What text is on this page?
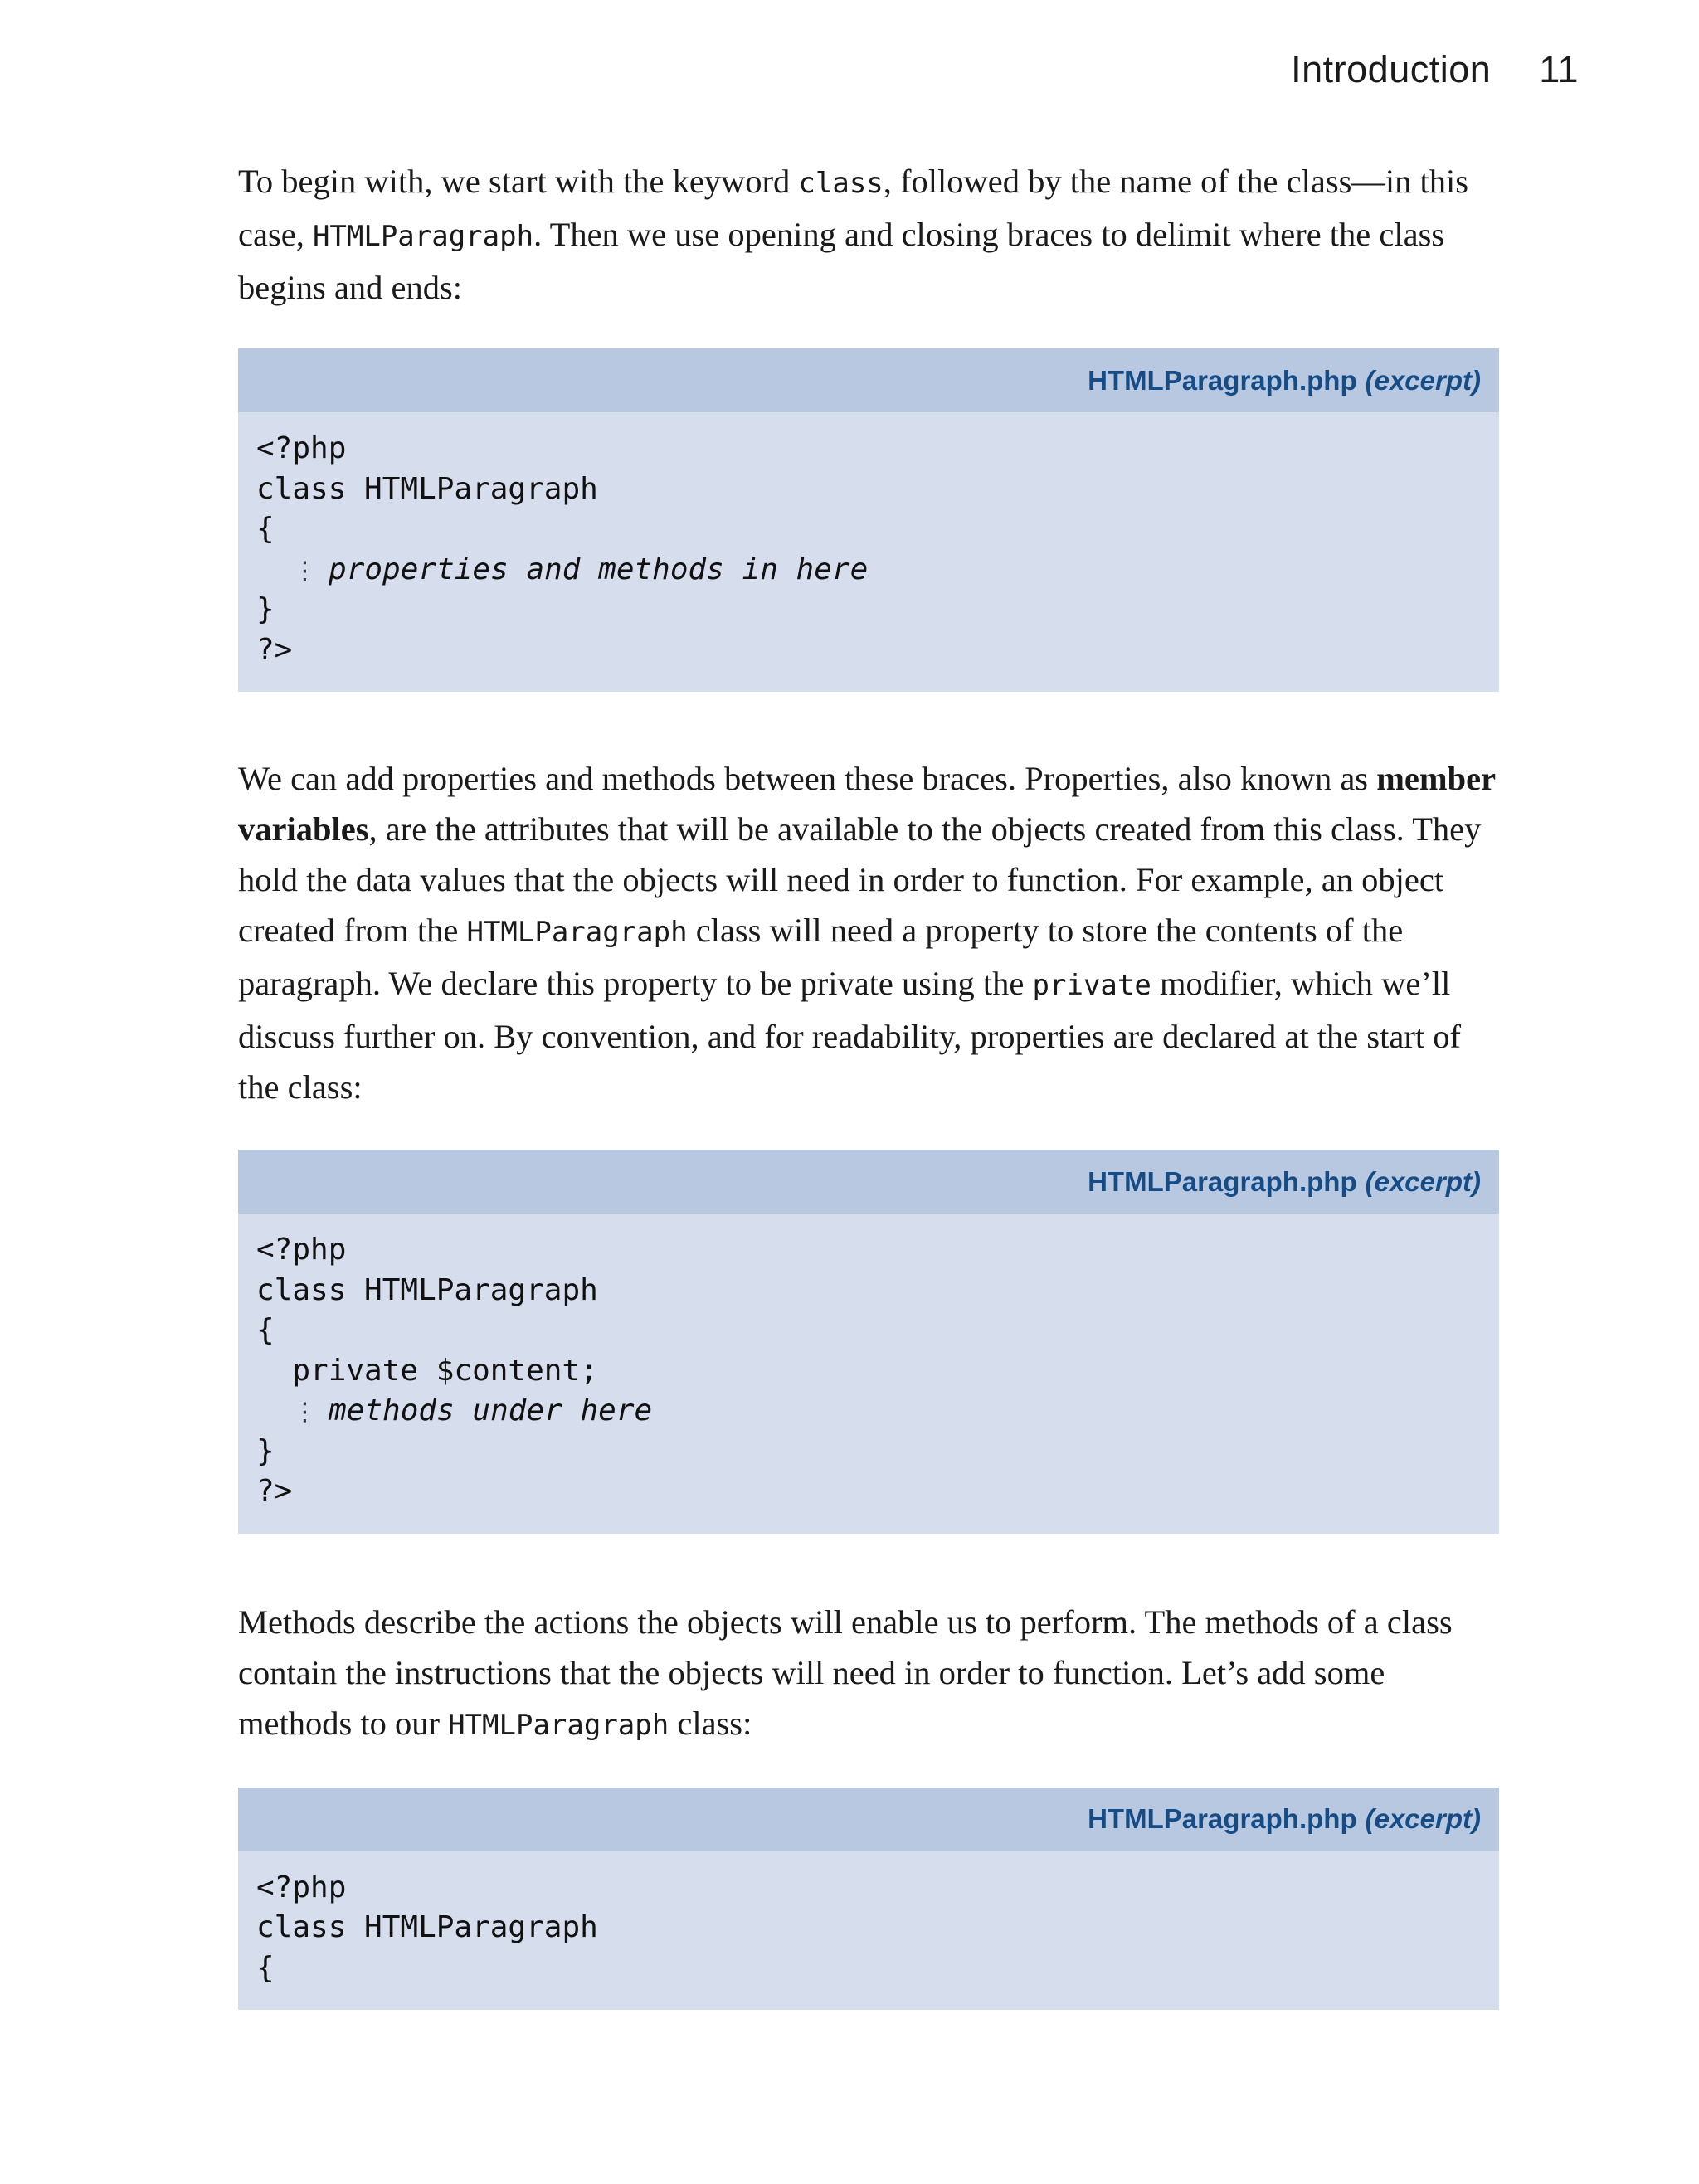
Introduction 11

To begin with, we start with the keyword class, followed by the name of the class—in this case, HTMLParagraph. Then we use opening and closing braces to delimit where the class begins and ends:

HTMLParagraph.php (excerpt)
<?php
class HTMLParagraph
{
⋮ properties and methods in here
}
?>

We can add properties and methods between these braces. Properties, also known as member variables, are the attributes that will be available to the objects created from this class. They hold the data values that the objects will need in order to function. For example, an object created from the HTMLParagraph class will need a property to store the contents of the paragraph. We declare this property to be private using the private modifier, which we’ll discuss further on. By convention, and for readability, properties are declared at the start of the class:

HTMLParagraph.php (excerpt)
<?php
class HTMLParagraph
{
private $content;
⋮ methods under here
}
?>

Methods describe the actions the objects will enable us to perform. The methods of a class contain the instructions that the objects will need in order to function. Let’s add some methods to our HTMLParagraph class:

HTMLParagraph.php (excerpt)
<?php
class HTMLParagraph
{
